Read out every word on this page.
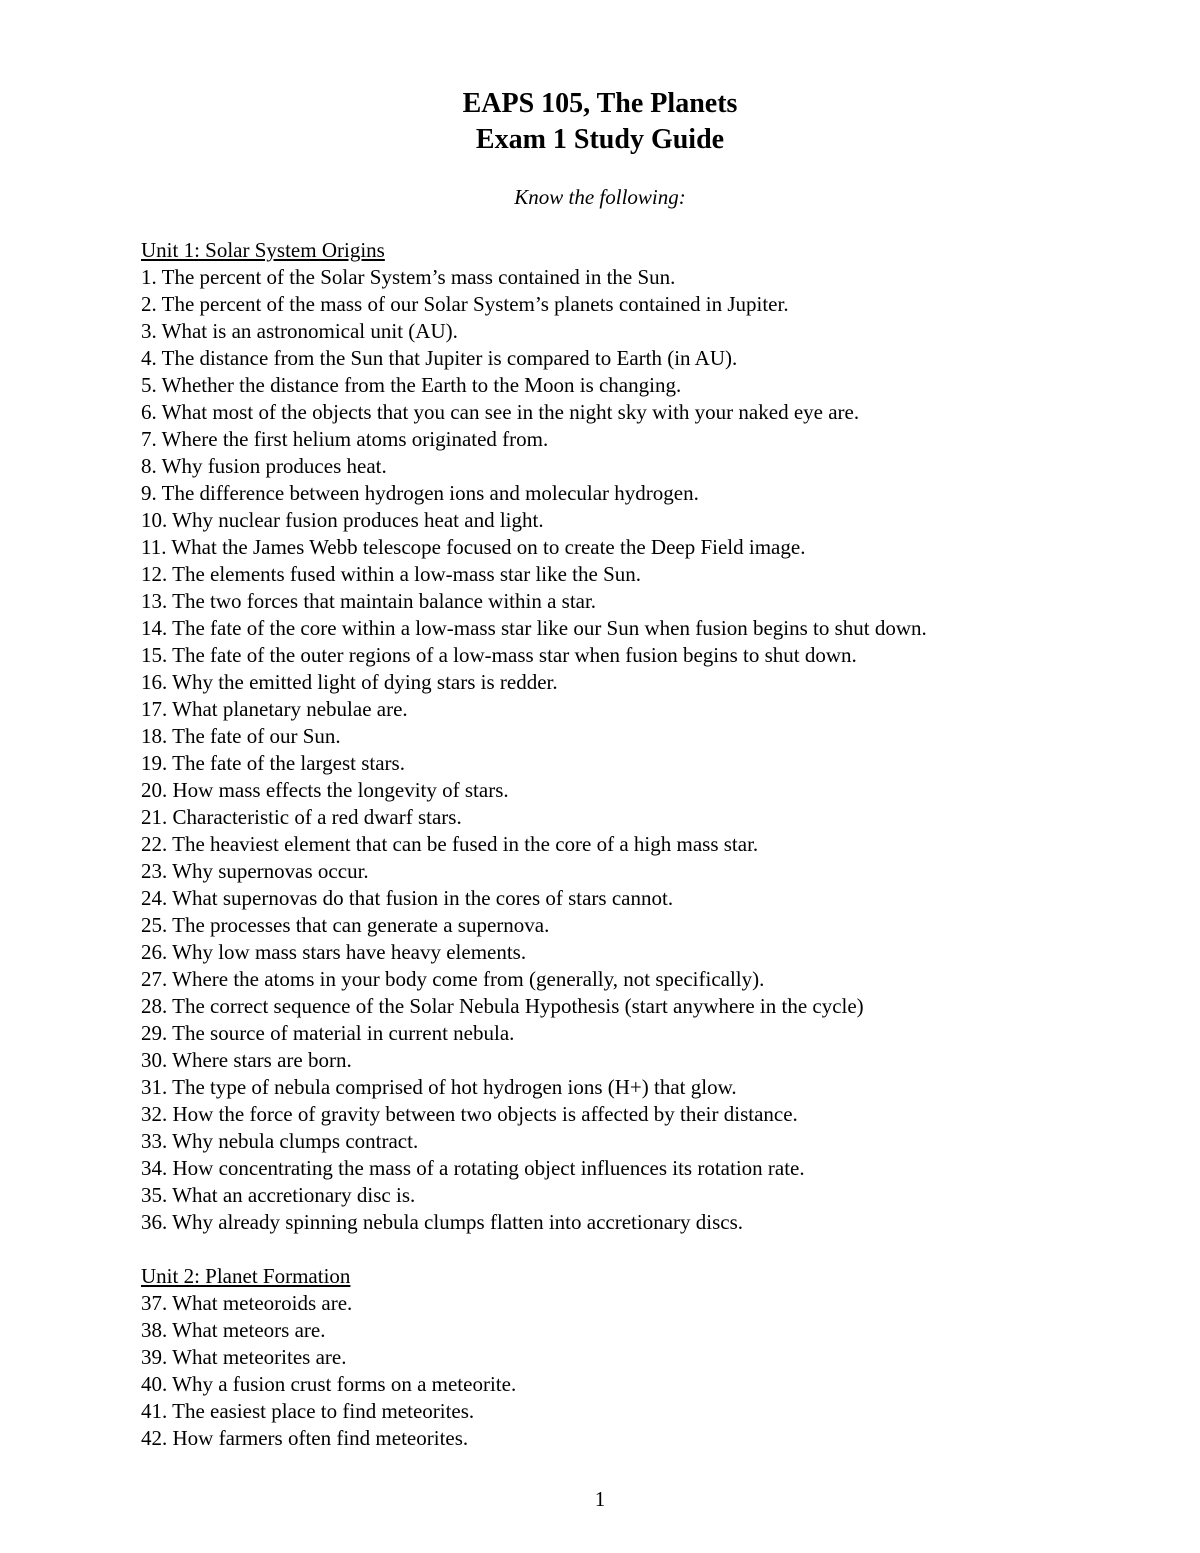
EAPS 105, The Planets
Exam 1 Study Guide
Know the following:
Unit 1: Solar System Origins
1. The percent of the Solar System’s mass contained in the Sun.
2. The percent of the mass of our Solar System’s planets contained in Jupiter.
3. What is an astronomical unit (AU).
4. The distance from the Sun that Jupiter is compared to Earth (in AU).
5. Whether the distance from the Earth to the Moon is changing.
6. What most of the objects that you can see in the night sky with your naked eye are.
7. Where the first helium atoms originated from.
8. Why fusion produces heat.
9. The difference between hydrogen ions and molecular hydrogen.
10. Why nuclear fusion produces heat and light.
11. What the James Webb telescope focused on to create the Deep Field image.
12. The elements fused within a low-mass star like the Sun.
13. The two forces that maintain balance within a star.
14. The fate of the core within a low-mass star like our Sun when fusion begins to shut down.
15. The fate of the outer regions of a low-mass star when fusion begins to shut down.
16. Why the emitted light of dying stars is redder.
17. What planetary nebulae are.
18. The fate of our Sun.
19. The fate of the largest stars.
20. How mass effects the longevity of stars.
21. Characteristic of a red dwarf stars.
22. The heaviest element that can be fused in the core of a high mass star.
23. Why supernovas occur.
24. What supernovas do that fusion in the cores of stars cannot.
25. The processes that can generate a supernova.
26. Why low mass stars have heavy elements.
27. Where the atoms in your body come from (generally, not specifically).
28. The correct sequence of the Solar Nebula Hypothesis (start anywhere in the cycle)
29. The source of material in current nebula.
30. Where stars are born.
31. The type of nebula comprised of hot hydrogen ions (H+) that glow.
32. How the force of gravity between two objects is affected by their distance.
33. Why nebula clumps contract.
34. How concentrating the mass of a rotating object influences its rotation rate.
35. What an accretionary disc is.
36. Why already spinning nebula clumps flatten into accretionary discs.
Unit 2: Planet Formation
37. What meteoroids are.
38. What meteors are.
39. What meteorites are.
40. Why a fusion crust forms on a meteorite.
41. The easiest place to find meteorites.
42. How farmers often find meteorites.
1
